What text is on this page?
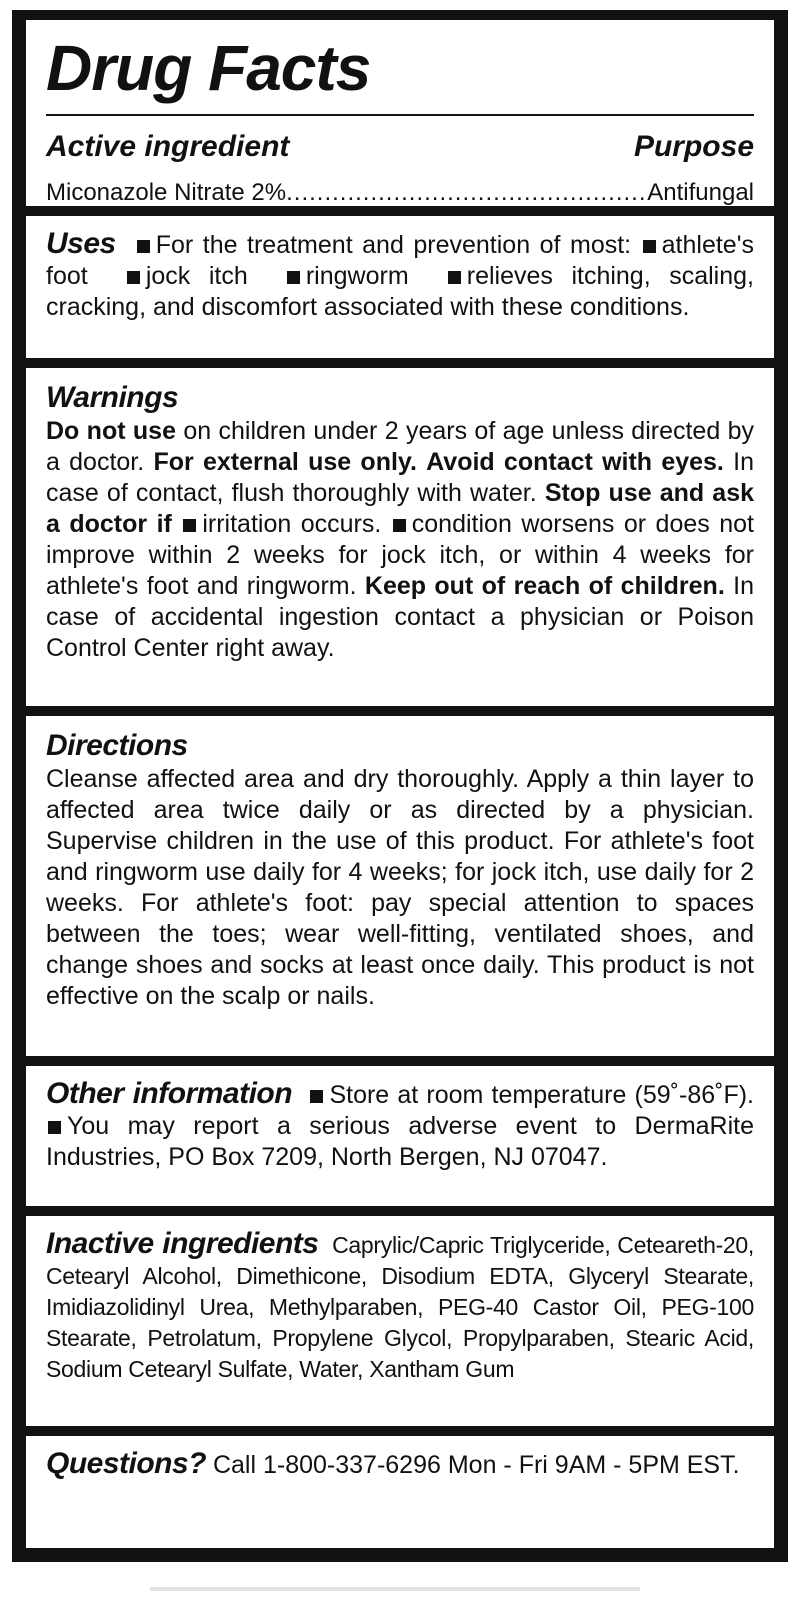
Drug Facts
Active ingredient	Purpose
Miconazole Nitrate 2%
.....	Antifungal
Uses For the treatment and prevention of most: athlete's foot jock itch ringworm relieves itching, scaling, cracking, and discomfort associated with these conditions.
Warnings
Do not use on children under 2 years of age unless directed by a doctor. For external use only. Avoid contact with eyes. In case of contact, flush thoroughly with water. Stop use and ask a doctor if irritation occurs. condition worsens or does not improve within 2 weeks for jock itch, or within 4 weeks for athlete's foot and ringworm. Keep out of reach of children. In case of accidental ingestion contact a physician or Poison Control Center right away.
Directions
Cleanse affected area and dry thoroughly. Apply a thin layer to affected area twice daily or as directed by a physician. Supervise children in the use of this product. For athlete's foot and ringworm use daily for 4 weeks; for jock itch, use daily for 2 weeks. For athlete's foot: pay special attention to spaces between the toes; wear well-fitting, ventilated shoes, and change shoes and socks at least once daily. This product is not effective on the scalp or nails.
Other information Store at room temperature (59˚-86˚F). You may report a serious adverse event to DermaRite Industries, PO Box 7209, North Bergen, NJ 07047.
Inactive ingredients Caprylic/Capric Triglyceride, Ceteareth-20, Cetearyl Alcohol, Dimethicone, Disodium EDTA, Glyceryl Stearate, Imidiazolidinyl Urea, Methylparaben, PEG-40 Castor Oil, PEG-100 Stearate, Petrolatum, Propylene Glycol, Propylparaben, Stearic Acid, Sodium Cetearyl Sulfate, Water, Xantham Gum
Questions? Call 1-800-337-6296 Mon - Fri 9AM - 5PM EST.
